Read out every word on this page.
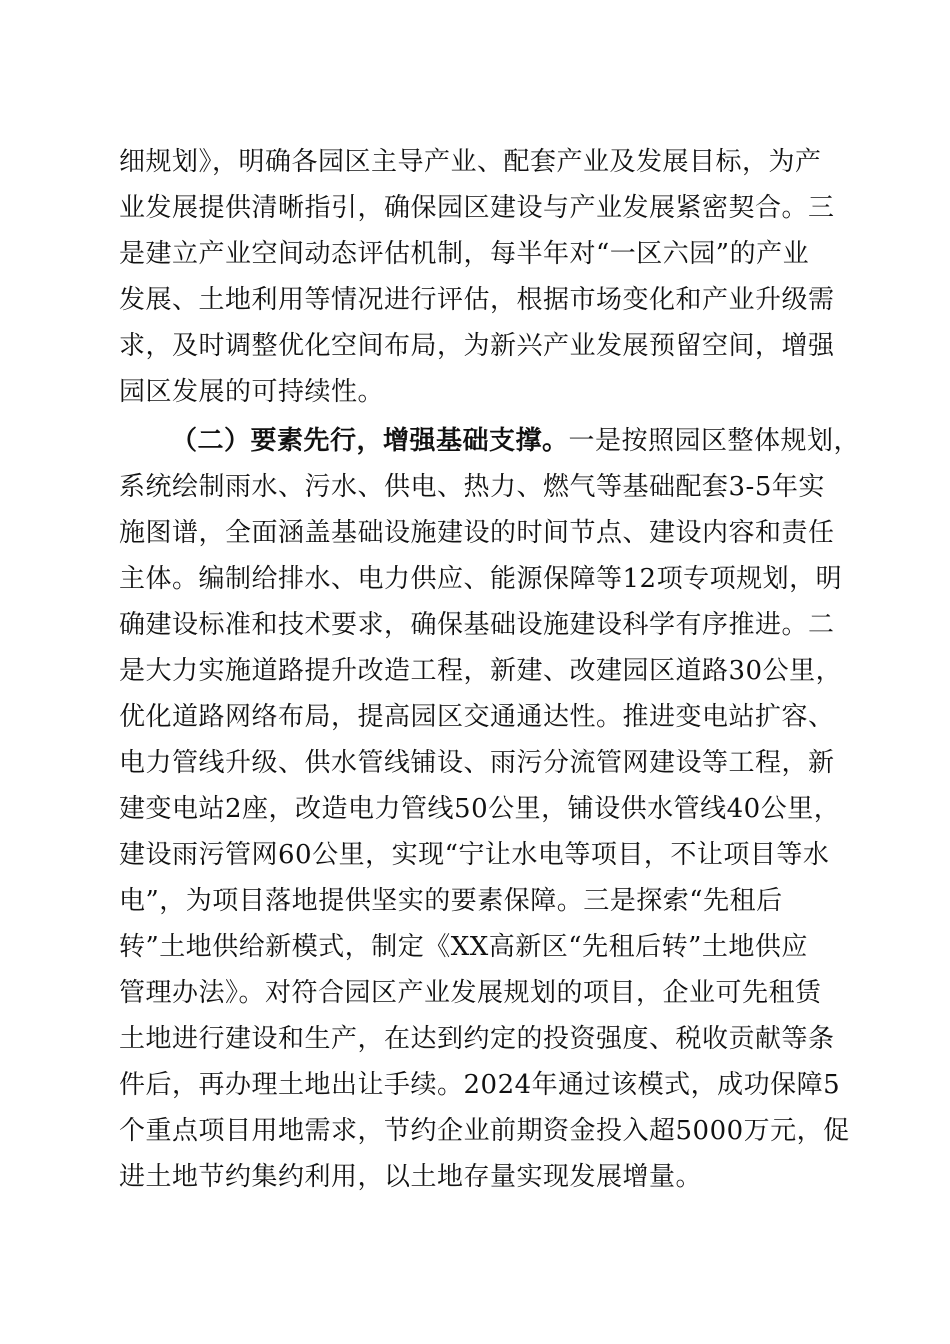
细规划》，明确各园区主导产业、配套产业及发展目标，为产
业发展提供清晰指引，确保园区建设与产业发展紧密契合。三
是建立产业空间动态评估机制，每半年对“一区六园”的产业
发展、土地利用等情况进行评估，根据市场变化和产业升级需
求，及时调整优化空间布局，为新兴产业发展预留空间，增强
园区发展的可持续性。
（二）要素先行，增强基础支撑。一是按照园区整体规划，
系统绘制雨水、污水、供电、热力、燃气等基础配套3-5年实
施图谱，全面涵盖基础设施建设的时间节点、建设内容和责任
主体。编制给排水、电力供应、能源保障等12项专项规划，明
确建设标准和技术要求，确保基础设施建设科学有序推进。二
是大力实施道路提升改造工程，新建、改建园区道路30公里，
优化道路网络布局，提高园区交通通达性。推进变电站扩容、
电力管线升级、供水管线铺设、雨污分流管网建设等工程，新
建变电站2座，改造电力管线50公里，铺设供水管线40公里，
建设雨污管网60公里，实现“宁让水电等项目，不让项目等水
电”，为项目落地提供坚实的要素保障。三是探索“先租后
转”土地供给新模式，制定《XX高新区“先租后转”土地供应
管理办法》。对符合园区产业发展规划的项目，企业可先租赁
土地进行建设和生产，在达到约定的投资强度、税收贡献等条
件后，再办理土地出让手续。2024年通过该模式，成功保障5
个重点项目用地需求，节约企业前期资金投入超5000万元，促
进土地节约集约利用，以土地存量实现发展增量。
